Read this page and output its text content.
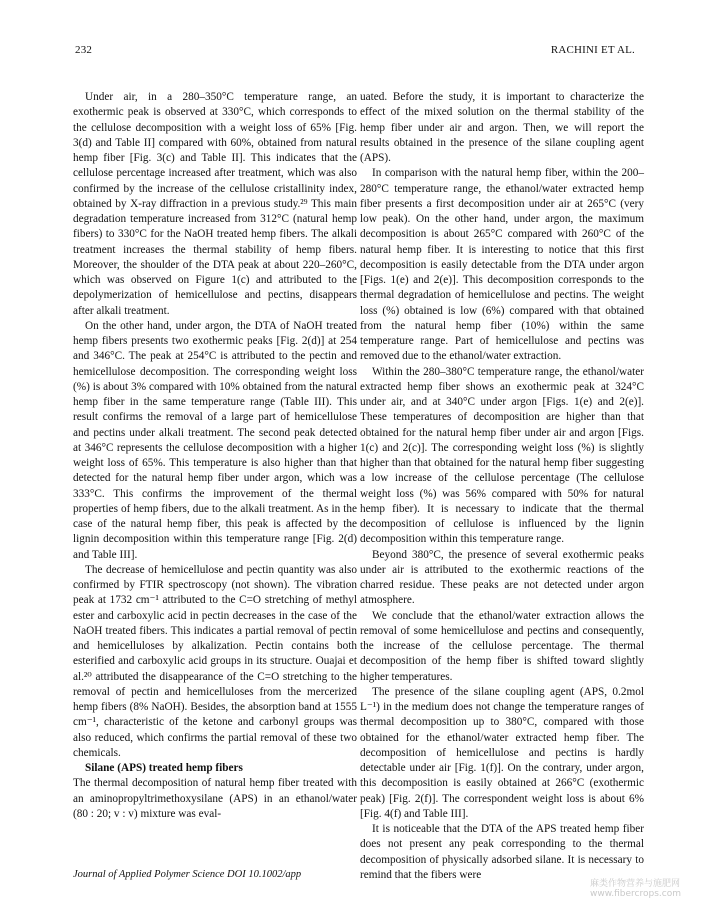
232	RACHINI ET AL.

Under air, in a 280–350°C temperature range, an exothermic peak is observed at 330°C, which corresponds to the cellulose decomposition with a weight loss of 65% [Fig. 3(d) and Table II] compared with 60%, obtained from natural hemp fiber [Fig. 3(c) and Table II]. This indicates that the cellulose percentage increased after treatment, which was also confirmed by the increase of the cellulose cristallinity index, obtained by X-ray diffraction in a previous study.²⁹ This main degradation temperature increased from 312°C (natural hemp fibers) to 330°C for the NaOH treated hemp fibers. The alkali treatment increases the thermal stability of hemp fibers. Moreover, the shoulder of the DTA peak at about 220–260°C, which was observed on Figure 1(c) and attributed to the depolymerization of hemicellulose and pectins, disappears after alkali treatment.

On the other hand, under argon, the DTA of NaOH treated hemp fibers presents two exothermic peaks [Fig. 2(d)] at 254 and 346°C. The peak at 254°C is attributed to the pectin and hemicellulose decomposition. The corresponding weight loss (%) is about 3% compared with 10% obtained from the natural hemp fiber in the same temperature range (Table III). This result confirms the removal of a large part of hemicellulose and pectins under alkali treatment. The second peak detected at 346°C represents the cellulose decomposition with a higher weight loss of 65%. This temperature is also higher than that detected for the natural hemp fiber under argon, which was 333°C. This confirms the improvement of the thermal properties of hemp fibers, due to the alkali treatment. As in the case of the natural hemp fiber, this peak is affected by the lignin decomposition within this temperature range [Fig. 2(d) and Table III].

The decrease of hemicellulose and pectin quantity was also confirmed by FTIR spectroscopy (not shown). The vibration peak at 1732 cm⁻¹ attributed to the C=O stretching of methyl ester and carboxylic acid in pectin decreases in the case of the NaOH treated fibers. This indicates a partial removal of pectin and hemicelluloses by alkalization. Pectin contains both esterified and carboxylic acid groups in its structure. Ouajai et al.²⁰ attributed the disappearance of the C=O stretching to the removal of pectin and hemicelluloses from the mercerized hemp fibers (8% NaOH). Besides, the absorption band at 1555 cm⁻¹, characteristic of the ketone and carbonyl groups was also reduced, which confirms the partial removal of these two chemicals.

Silane (APS) treated hemp fibers

The thermal decomposition of natural hemp fiber treated with an aminopropyltrimethoxysilane (APS) in an ethanol/water (80 : 20; v : v) mixture was eval-

uated. Before the study, it is important to characterize the effect of the mixed solution on the thermal stability of the hemp fiber under air and argon. Then, we will report the results obtained in the presence of the silane coupling agent (APS).

In comparison with the natural hemp fiber, within the 200–280°C temperature range, the ethanol/water extracted hemp fiber presents a first decomposition under air at 265°C (very low peak). On the other hand, under argon, the maximum decomposition is about 265°C compared with 260°C of the natural hemp fiber. It is interesting to notice that this first decomposition is easily detectable from the DTA under argon [Figs. 1(e) and 2(e)]. This decomposition corresponds to the thermal degradation of hemicellulose and pectins. The weight loss (%) obtained is low (6%) compared with that obtained from the natural hemp fiber (10%) within the same temperature range. Part of hemicellulose and pectins was removed due to the ethanol/water extraction.

Within the 280–380°C temperature range, the ethanol/water extracted hemp fiber shows an exothermic peak at 324°C under air, and at 340°C under argon [Figs. 1(e) and 2(e)]. These temperatures of decomposition are higher than that obtained for the natural hemp fiber under air and argon [Figs. 1(c) and 2(c)]. The corresponding weight loss (%) is slightly higher than that obtained for the natural hemp fiber suggesting a low increase of the cellulose percentage (The cellulose weight loss (%) was 56% compared with 50% for natural hemp fiber). It is necessary to indicate that the thermal decomposition of cellulose is influenced by the lignin decomposition within this temperature range.

Beyond 380°C, the presence of several exothermic peaks under air is attributed to the exothermic reactions of the charred residue. These peaks are not detected under argon atmosphere.

We conclude that the ethanol/water extraction allows the removal of some hemicellulose and pectins and consequently, the increase of the cellulose percentage. The thermal decomposition of the hemp fiber is shifted toward slightly higher temperatures.

The presence of the silane coupling agent (APS, 0.2mol L⁻¹) in the medium does not change the temperature ranges of thermal decomposition up to 380°C, compared with those obtained for the ethanol/water extracted hemp fiber. The decomposition of hemicellulose and pectins is hardly detectable under air [Fig. 1(f)]. On the contrary, under argon, this decomposition is easily obtained at 266°C (exothermic peak) [Fig. 2(f)]. The correspondent weight loss is about 6% [Fig. 4(f) and Table III].

It is noticeable that the DTA of the APS treated hemp fiber does not present any peak corresponding to the thermal decomposition of physically adsorbed silane. It is necessary to remind that the fibers were

Journal of Applied Polymer Science DOI 10.1002/app
麻类作物营养与施肥网 www.fibercrops.com
